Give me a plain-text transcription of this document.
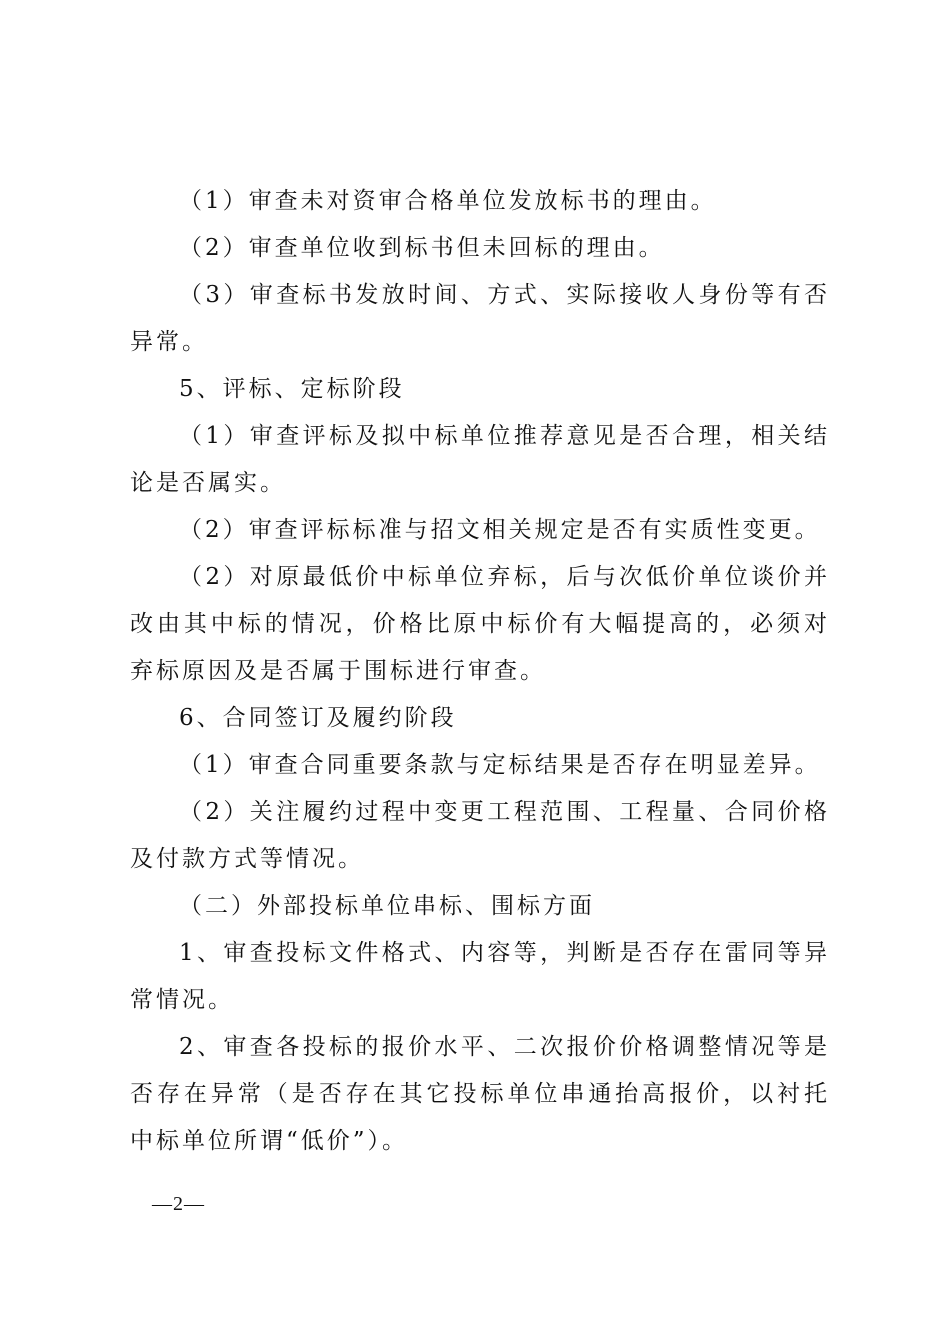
（1）审查未对资审合格单位发放标书的理由。

（2）审查单位收到标书但未回标的理由。

（3）审查标书发放时间、方式、实际接收人身份等有否异常。

5、评标、定标阶段

（1）审查评标及拟中标单位推荐意见是否合理，相关结论是否属实。

（2）审查评标标准与招文相关规定是否有实质性变更。

（2）对原最低价中标单位弃标，后与次低价单位谈价并改由其中标的情况，价格比原中标价有大幅提高的，必须对弃标原因及是否属于围标进行审查。

6、合同签订及履约阶段

（1）审查合同重要条款与定标结果是否存在明显差异。

（2）关注履约过程中变更工程范围、工程量、合同价格及付款方式等情况。

（二）外部投标单位串标、围标方面

1、审查投标文件格式、内容等，判断是否存在雷同等异常情况。

2、审查各投标的报价水平、二次报价价格调整情况等是否存在异常（是否存在其它投标单位串通抬高报价，以衬托中标单位所谓“低价”）。

—2—
